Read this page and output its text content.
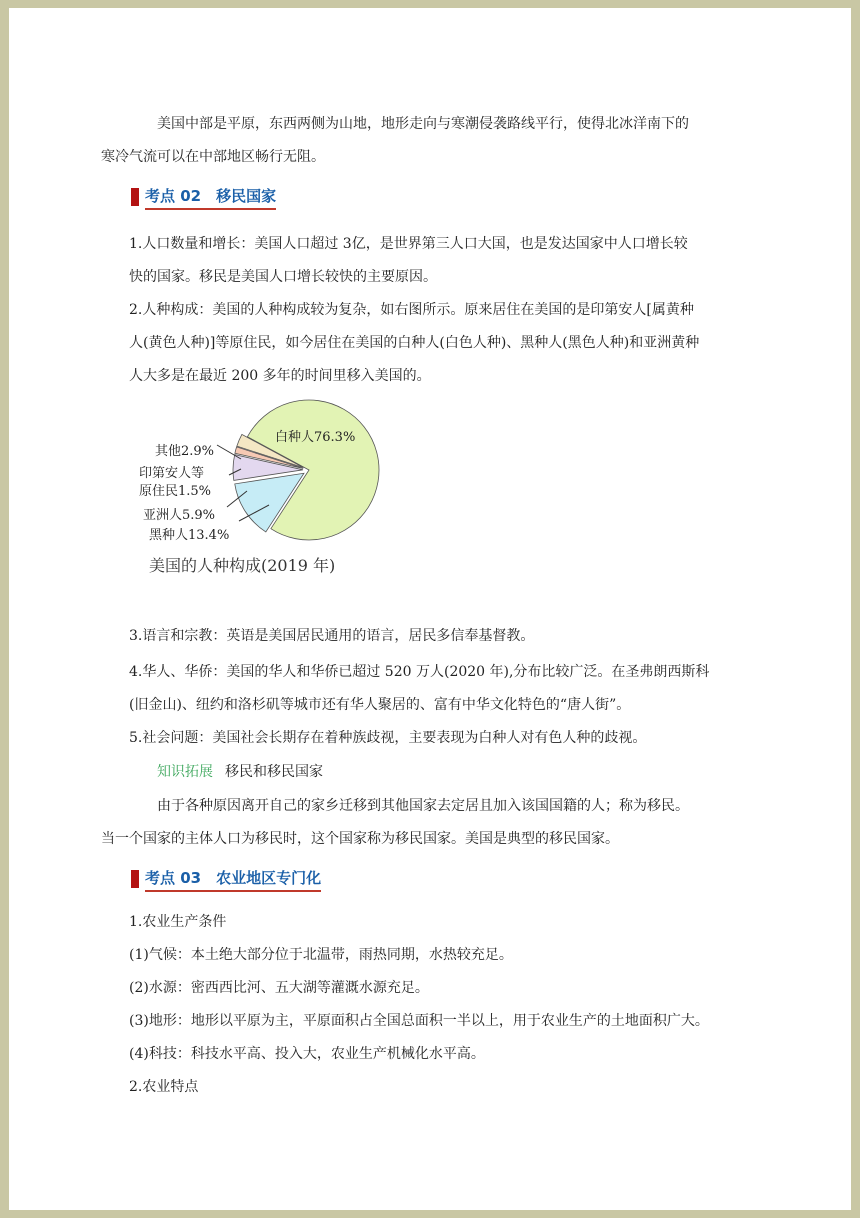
美国中部是平原，东西两侧为山地，地形走向与寒潮侵袭路线平行，使得北冰洋南下的
寒冷气流可以在中部地区畅行无阻。

考点 02　移民国家

1.人口数量和增长：美国人口超过 3亿，是世界第三人口大国，也是发达国家中人口增长较
快的国家。移民是美国人口增长较快的主要原因。

2.人种构成：美国的人种构成较为复杂，如右图所示。原来居住在美国的是印第安人[属黄种
人(黄色人种)]等原住民，如今居住在美国的白种人(白色人种)、黑种人(黑色人种)和亚洲黄种
人大多是在最近 200 多年的时间里移入美国的。

白种人76.3%
其他2.9%
印第安人等
原住民1.5%
亚洲人5.9%
黑种人13.4%
美国的人种构成(2019 年)

3.语言和宗教：英语是美国居民通用的语言，居民多信奉基督教。

4.华人、华侨：美国的华人和华侨已超过 520 万人(2020 年),分布比较广泛。在圣弗朗西斯科
(旧金山)、纽约和洛杉矶等城市还有华人聚居的、富有中华文化特色的“唐人街”。

5.社会问题：美国社会长期存在着种族歧视，主要表现为白种人对有色人种的歧视。

知识拓展 移民和移民国家

由于各种原因离开自己的家乡迁移到其他国家去定居且加入该国国籍的人；称为移民。
当一个国家的主体人口为移民时，这个国家称为移民国家。美国是典型的移民国家。

考点 03　农业地区专门化

1.农业生产条件
(1)气候：本土绝大部分位于北温带，雨热同期，水热较充足。
(2)水源：密西西比河、五大湖等灌溉水源充足。
(3)地形：地形以平原为主，平原面积占全国总面积一半以上，用于农业生产的土地面积广大。
(4)科技：科技水平高、投入大，农业生产机械化水平高。
2.农业特点
